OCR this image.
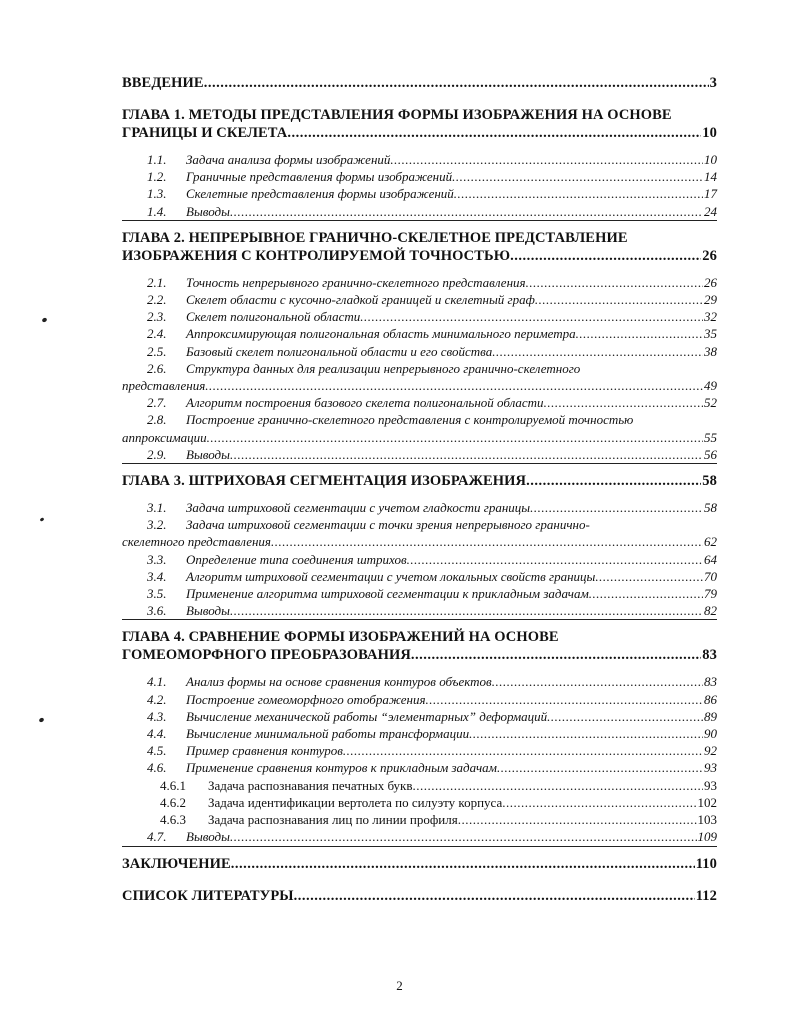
ВВЕДЕНИЕ .....	3
ГЛАВА 1. МЕТОДЫ ПРЕДСТАВЛЕНИЯ ФОРМЫ ИЗОБРАЖЕНИЯ НА ОСНОВЕ
ГРАНИЦЫ И СКЕЛЕТА .....	10
1.1.	Задача анализа формы изображений .....	10
1.2.	Граничные представления формы изображений .....	14
1.3.	Скелетные представления формы изображений .....	17
1.4.	Выводы .....	24
ГЛАВА 2. НЕПРЕРЫВНОЕ ГРАНИЧНО-СКЕЛЕТНОЕ ПРЕДСТАВЛЕНИЕ
ИЗОБРАЖЕНИЯ С КОНТРОЛИРУЕМОЙ ТОЧНОСТЬЮ .....	26
2.1.	Точность непрерывного гранично-скелетного представления .....	26
2.2.	Скелет области с кусочно-гладкой границей и скелетный граф .....	29
2.3.	Скелет полигональной области .....	32
2.4.	Аппроксимирующая полигональная область минимального периметра .....	35
2.5.	Базовый скелет полигональной области и его свойства .....	38
2.6. Структура данных для реализации непрерывного гранично-скелетного
представления .....	49
2.7.	Алгоритм построения базового скелета полигональной области .....	52
2.8. Построение гранично-скелетного представления с контролируемой точностью
аппроксимации .....	55
2.9.	Выводы .....	56
ГЛАВА 3. ШТРИХОВАЯ СЕГМЕНТАЦИЯ ИЗОБРАЖЕНИЯ .....	58
3.1.	Задача штриховой сегментации с учетом гладкости границы .....	58
3.2. Задача штриховой сегментации с точки зрения непрерывного гранично-
скелетного представления .....	62
3.3.	Определение типа соединения штрихов .....	64
3.4.	Алгоритм штриховой сегментации с учетом локальных свойств границы .....	70
3.5.	Применение алгоритма штриховой сегментации к прикладным задачам .....	79
3.6.	Выводы .....	82
ГЛАВА 4. СРАВНЕНИЕ ФОРМЫ ИЗОБРАЖЕНИЙ НА ОСНОВЕ
ГОМЕОМОРФНОГО ПРЕОБРАЗОВАНИЯ .....	83
4.1.	Анализ формы на основе сравнения контуров объектов .....	83
4.2.	Построение гомеоморфного отображения .....	86
4.3.	Вычисление механической работы “элементарных” деформаций .....	89
4.4.	Вычисление минимальной работы трансформации .....	90
4.5.	Пример сравнения контуров .....	92
4.6.	Применение сравнения контуров к прикладным задачам .....	93
4.6.1	Задача распознавания печатных букв .....	93
4.6.2	Задача идентификации вертолета по силуэту корпуса .....	102
4.6.3	Задача распознавания лиц по линии профиля .....	103
4.7.	Выводы .....	109
ЗАКЛЮЧЕНИЕ .....	110
СПИСОК ЛИТЕРАТУРЫ .....	112
2
